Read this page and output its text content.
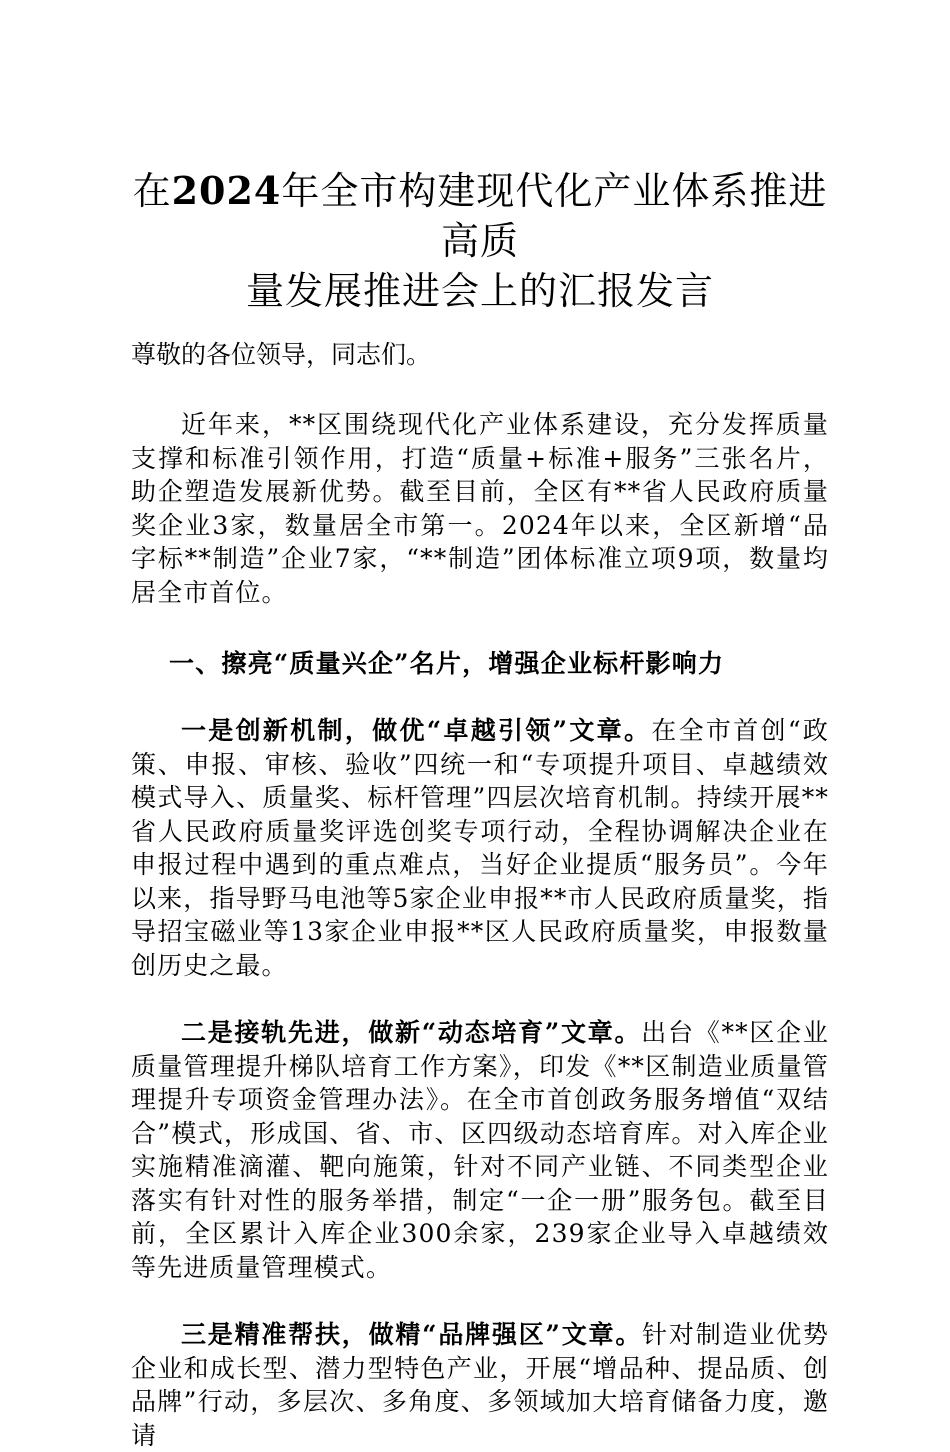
在2024年全市构建现代化产业体系推进高质
量发展推进会上的汇报发言
尊敬的各位领导，同志们。

近年来，**区围绕现代化产业体系建设，充分发挥质量支撑和标准引领作用，打造“质量+标准+服务”三张名片，助企塑造发展新优势。截至目前，全区有**省人民政府质量奖企业3家，数量居全市第一。2024年以来，全区新增“品字标**制造”企业7家，“**制造”团体标准立项9项，数量均居全市首位。

一、擦亮“质量兴企”名片，增强企业标杆影响力

一是创新机制，做优“卓越引领”文章。在全市首创“政策、申报、审核、验收”四统一和“专项提升项目、卓越绩效模式导入、质量奖、标杆管理”四层次培育机制。持续开展**省人民政府质量奖评选创奖专项行动，全程协调解决企业在申报过程中遇到的重点难点，当好企业提质“服务员”。今年以来，指导野马电池等5家企业申报**市人民政府质量奖，指导招宝磁业等13家企业申报**区人民政府质量奖，申报数量创历史之最。

二是接轨先进，做新“动态培育”文章。出台《**区企业质量管理提升梯队培育工作方案》，印发《**区制造业质量管理提升专项资金管理办法》。在全市首创政务服务增值“双结合”模式，形成国、省、市、区四级动态培育库。对入库企业实施精准滴灌、靶向施策，针对不同产业链、不同类型企业落实有针对性的服务举措，制定“一企一册”服务包。截至目前，全区累计入库企业300余家，239家企业导入卓越绩效等先进质量管理模式。

三是精准帮扶，做精“品牌强区”文章。针对制造业优势企业和成长型、潜力型特色产业，开展“增品种、提品质、创品牌”行动，多层次、多角度、多领域加大培育储备力度，邀请
